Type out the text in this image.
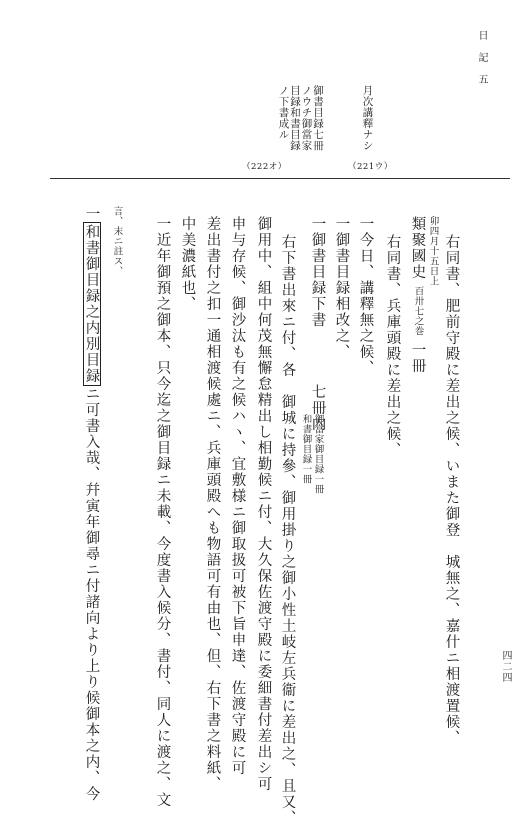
日　記　五
四二四
月次講釋ナシ
御書目録七冊
ノウチ御當家
目録和書目録
ノ下書成ル
（221ウ）
（222オ）
右同書、肥前守殿に差出之候、いまた御登　城無之、嘉什ニ相渡置候、
卯四月十五日上
類聚國史百卅七之巻一冊
右同書、兵庫頭殿に差出之候、
一今日、講釋無之候、
一御書目録相改之、
一御書目録下書七冊内
御當家御目録一冊
和書御目録一冊
右下書出來ニ付、各　御城に持參、御用掛り之御小性土岐左兵衞に差出之、且又、
御用中、組中何茂無懈怠精出し相勤候ニ付、大久保佐渡守殿に委細書付差出シ可
申与存候、御沙汰も有之候ハヽ、宜敷様ニ御取扱可被下旨申達、佐渡守殿に可
差出書付之扣一通相渡候處ニ、兵庫頭殿へも物語可有由也、但、右下書之料紙、
中美濃紙也、
一近年御預之御本、只今迄之御目録ニ未載、今度書入候分、書付、同人に渡之、文
言、末ニ註ス、
一和書御目録之内別目録ニ可書入哉、幷寅年御尋ニ付諸向より上り候御本之内、今
